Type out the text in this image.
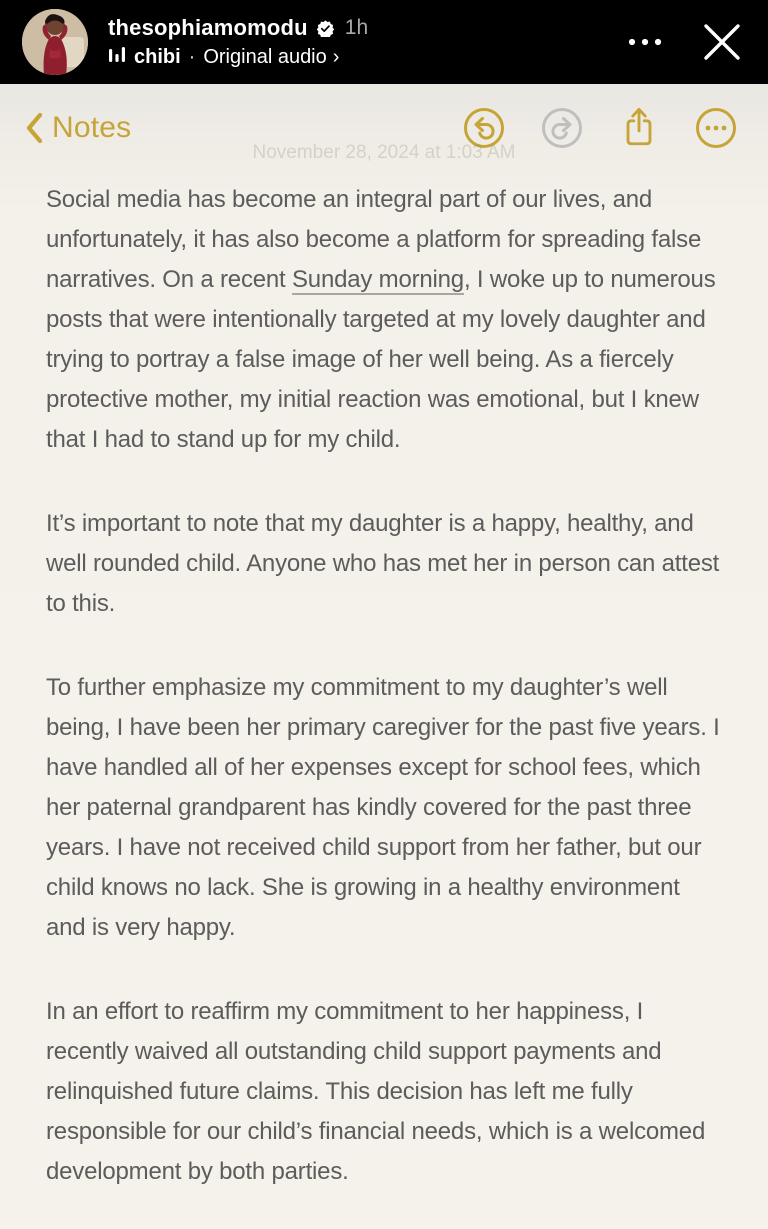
thesophiamomodu 1h
chibi · Original audio ›
Notes
November 28, 2024 at 1:03 AM

Social media has become an integral part of our lives, and unfortunately, it has also become a platform for spreading false narratives. On a recent Sunday morning, I woke up to numerous posts that were intentionally targeted at my lovely daughter and trying to portray a false image of her well being. As a fiercely protective mother, my initial reaction was emotional, but I knew that I had to stand up for my child.

It’s important to note that my daughter is a happy, healthy, and well rounded child. Anyone who has met her in person can attest to this.

To further emphasize my commitment to my daughter’s well being, I have been her primary caregiver for the past five years. I have handled all of her expenses except for school fees, which her paternal grandparent has kindly covered for the past three years. I have not received child support from her father, but our child knows no lack. She is growing in a healthy environment and is very happy.

In an effort to reaffirm my commitment to her happiness, I recently waived all outstanding child support payments and relinquished future claims. This decision has left me fully responsible for our child’s financial needs, which is a welcomed development by both parties.
